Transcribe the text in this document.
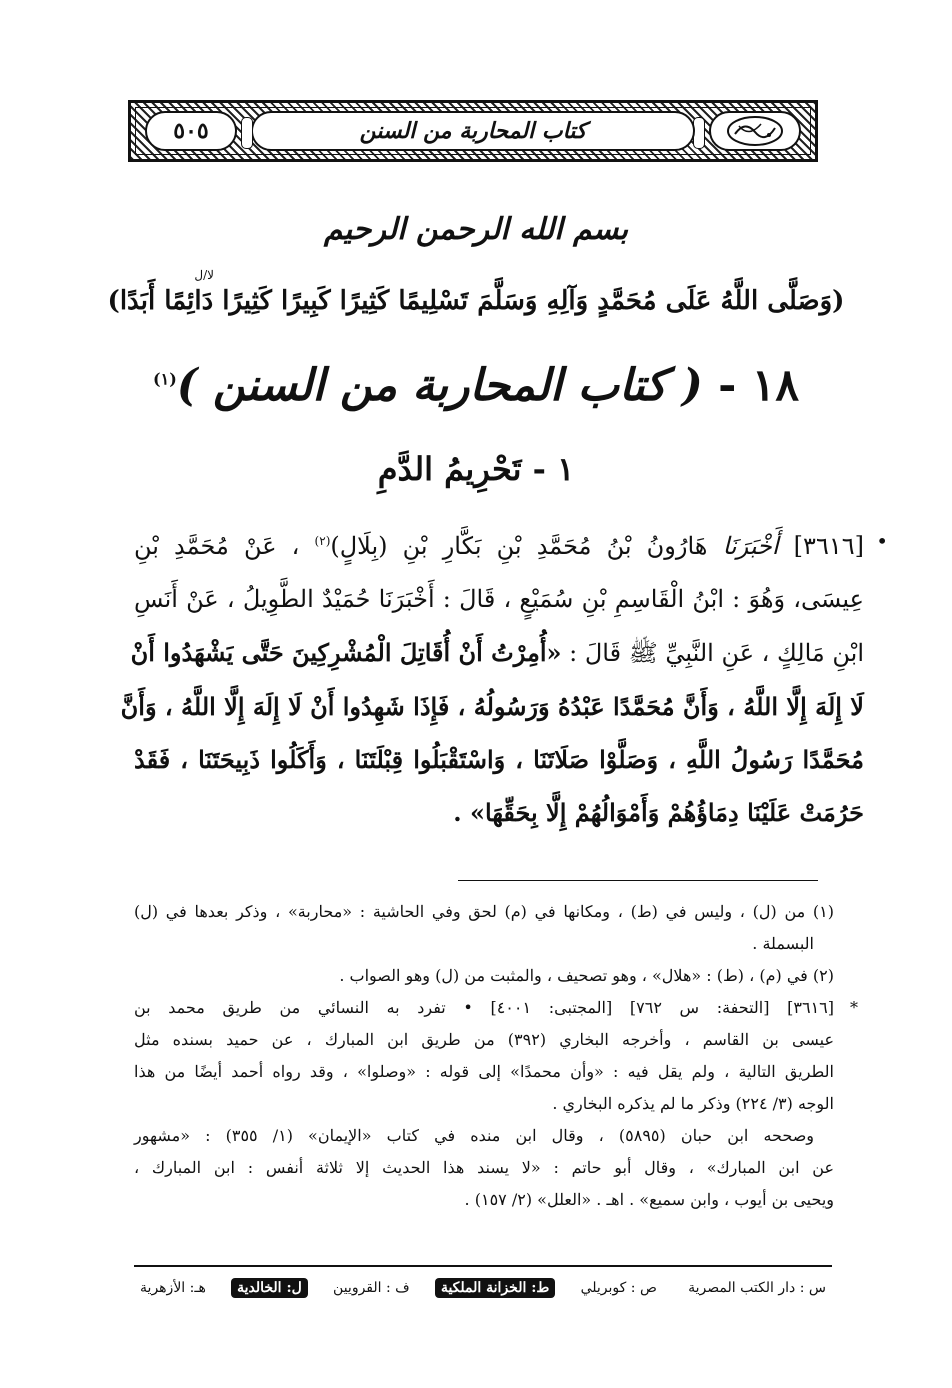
كتاب المحاربة من السنن
٥٠٥
بسم الله الرحمن الرحيم
لا/ل
(وَصَلَّى اللَّهُ عَلَى مُحَمَّدٍ وَآلِهِ وَسَلَّمَ تَسْلِيمًا كَثِيرًا كَبِيرًا كَثِيرًا دَائِمًا أَبَدًا)
١٨ - ( كتاب المحاربة من السنن )$^{(١)}$
١ - تَحْرِيمُ الدَّمِ
•
[٣٦١٦] أَخْبَرَنَا هَارُونُ بْنُ مُحَمَّدِ بْنِ بَكَّارِ بْنِ (بِلَالٍ)$^{(٢)}$ ، عَنْ مُحَمَّدِ بْنِ
عِيسَى، وَهُوَ : ابْنُ الْقَاسِمِ بْنِ سُمَيْعٍ ، قَالَ : أَخْبَرَنَا حُمَيْدٌ الطَّوِيلُ ، عَنْ أَنَسِ
ابْنِ مَالِكٍ ، عَنِ النَّبِيِّ ﷺ قَالَ : «أُمِرْتُ أَنْ أُقَاتِلَ الْمُشْرِكِينَ حَتَّى يَشْهَدُوا أَنْ
لَا إِلَهَ إِلَّا اللَّهُ ، وَأَنَّ مُحَمَّدًا عَبْدُهُ وَرَسُولُهُ ، فَإِذَا شَهِدُوا أَنْ لَا إِلَهَ إِلَّا اللَّهُ ، وَأَنَّ
مُحَمَّدًا رَسُولُ اللَّهِ ، وَصَلَّوْا صَلَاتَنَا ، وَاسْتَقْبَلُوا قِبْلَتَنَا ، وَأَكَلُوا ذَبِيحَتَنَا ، فَقَدْ
حَرُمَتْ عَلَيْنَا دِمَاؤُهُمْ وَأَمْوَالُهُمْ إِلَّا بِحَقِّهَا» .

(١) من (ل) ، وليس في (ط) ، ومكانها في (م) لحق وفي الحاشية : «محاربة» ، وذكر بعدها في (ل)

البسملة .

(٢) في (م) ، (ط) : «هلال» ، وهو تصحيف ، والمثبت من (ل) وهو الصواب .

*

[٣٦١٦] [التحفة: س ٧٦٢] [المجتبى: ٤٠٠١] • تفرد به النسائي من طريق محمد بن

عيسى بن القاسم ، وأخرجه البخاري (٣٩٢) من طريق ابن المبارك ، عن حميد بسنده مثل

الطريق التالية ، ولم يقل فيه : «وأن محمدًا» إلى قوله : «وصلوا» ، وقد رواه أحمد أيضًا من هذا

الوجه (٣/ ٢٢٤) وذكر ما لم يذكره البخاري .

وصححه ابن حبان (٥٨٩٥) ، وقال ابن منده في كتاب «الإيمان» (١/ ٣٥٥) : «مشهور

عن ابن المبارك» ، وقال أبو حاتم : «لا يسند هذا الحديث إلا ثلاثة أنفس : ابن المبارك ،

ويحيى بن أيوب ، وابن سميع» . اهـ . «العلل» (٢/ ١٥٧) .

س : دار الكتب المصرية
ص : كوبريلي
ط: الخزانة الملكية
ف : القرويين
ل: الخالدية
هـ: الأزهرية
